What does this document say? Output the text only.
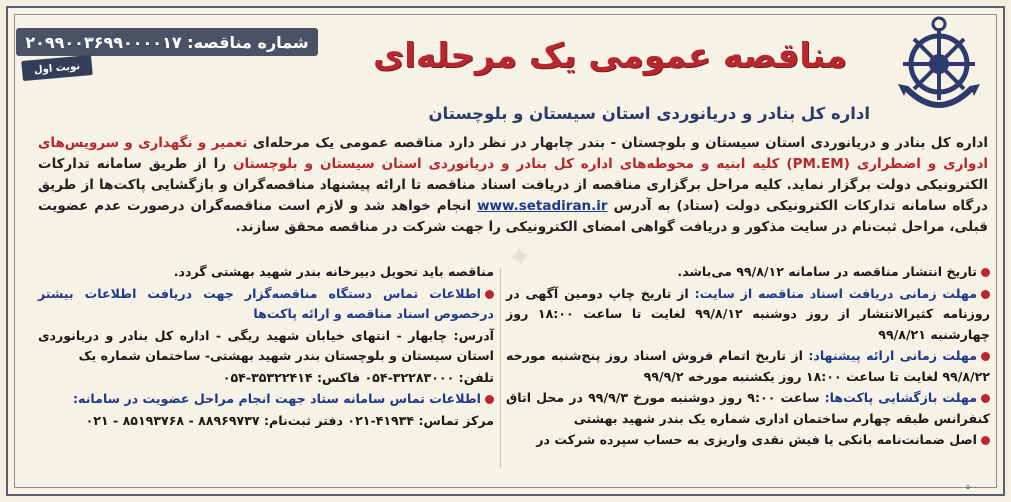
شماره مناقصه: ۲۰۹۹۰۰۳۶۹۹۰۰۰۰۱۷
نوبت اول	مناقصه عمومی یک مرحله‌ای
اداره کل بنادر و دریانوردی استان سیستان و بلوچستان
اداره کل بنادر و دریانوردی استان سیستان و بلوچستان - بندر چابهار در نظر دارد مناقصه عمومی یک مرحله‌ای تعمیر و نگهداری و سرویس‌های ادواری و اضطراری (PM.EM) کلیه ابنیه و محوطه‌های اداره کل بنادر و دریانوردی استان سیستان و بلوچستان را از طریق سامانه تدارکات الکترونیکی دولت برگزار نماید. کلیه مراحل برگزاری مناقصه از دریافت اسناد مناقصه تا ارائه پیشنهاد مناقصه‌گران و بازگشایی پاکت‌ها از طریق درگاه سامانه تدارکات الکترونیکی دولت (ستاد) به آدرس www.setadiran.ir انجام خواهد شد و لازم است مناقصه‌گران درصورت عدم عضویت قبلی، مراحل ثبت‌نام در سایت مذکور و دریافت گواهی امضای الکترونیکی را جهت شرکت در مناقصه محقق سازند.
تاریخ انتشار مناقصه در سامانه ۹۹/۸/۱۲ می‌باشد.
مهلت زمانی دریافت اسناد مناقصه از سایت: از تاریخ چاپ دومین آگهی در روزنامه کثیرالانتشار از روز دوشنبه ۹۹/۸/۱۲ لغایت تا ساعت ۱۸:۰۰ روز چهارشنبه ۹۹/۸/۲۱
مهلت زمانی ارائه پیشنهاد: از تاریخ اتمام فروش اسناد روز پنج‌شنبه مورخه ۹۹/۸/۲۲ لغایت تا ساعت ۱۸:۰۰ روز یکشنبه مورخه ۹۹/۹/۲
مهلت بازگشایی پاکت‌ها: ساعت ۹:۰۰ روز دوشنبه مورخ ۹۹/۹/۳ در محل اتاق کنفرانس طبقه چهارم ساختمان اداری شماره یک بندر شهید بهشتی
اصل ضمانت‌نامه بانکی یا فیش نقدی واریزی به حساب سپرده شرکت در
مناقصه باید تحویل دبیرخانه بندر شهید بهشتی گردد.
اطلاعات تماس دستگاه مناقصه‌گزار جهت دریافت اطلاعات بیشتر درخصوص اسناد مناقصه و ارائه پاکت‌ها
آدرس: چابهار - انتهای خیابان شهید ریگی - اداره کل بنادر و دریانوردی استان سیستان و بلوچستان بندر شهید بهشتی- ساختمان شماره یک
تلفن: ۳۲۲۸۳۰۰۰-۰۵۴ فاکس: ۳۵۳۲۲۴۱۴-۰۵۴
اطلاعات تماس سامانه ستاد جهت انجام مراحل عضویت در سامانه:
مرکز تماس: ۴۱۹۳۴-۰۲۱ دفتر ثبت‌نام: ۸۸۹۶۹۷۳۷ - ۸۵۱۹۳۷۶۸ - ۰۲۱
۵۰۰
